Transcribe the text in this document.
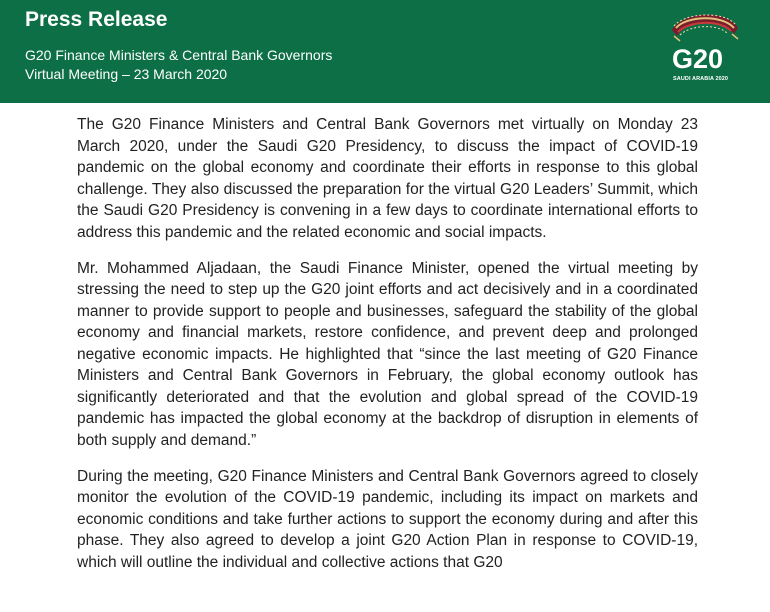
Press Release
G20 Finance Ministers & Central Bank Governors
Virtual Meeting – 23 March 2020	G20
SAUDI ARABIA 2020

The G20 Finance Ministers and Central Bank Governors met virtually on Monday 23 March 2020, under the Saudi G20 Presidency, to discuss the impact of COVID-19 pandemic on the global economy and coordinate their efforts in response to this global challenge. They also discussed the preparation for the virtual G20 Leaders’ Summit, which the Saudi G20 Presidency is convening in a few days to coordinate international efforts to address this pandemic and the related economic and social impacts.

Mr. Mohammed Aljadaan, the Saudi Finance Minister, opened the virtual meeting by stressing the need to step up the G20 joint efforts and act decisively and in a coordinated manner to provide support to people and businesses, safeguard the stability of the global economy and financial markets, restore confidence, and prevent deep and prolonged negative economic impacts. He highlighted that “since the last meeting of G20 Finance Ministers and Central Bank Governors in February, the global economy outlook has significantly deteriorated and that the evolution and global spread of the COVID-19 pandemic has impacted the global economy at the backdrop of disruption in elements of both supply and demand.”

During the meeting, G20 Finance Ministers and Central Bank Governors agreed to closely monitor the evolution of the COVID-19 pandemic, including its impact on markets and economic conditions and take further actions to support the economy during and after this phase. They also agreed to develop a joint G20 Action Plan in response to COVID-19, which will outline the individual and collective actions that G20
